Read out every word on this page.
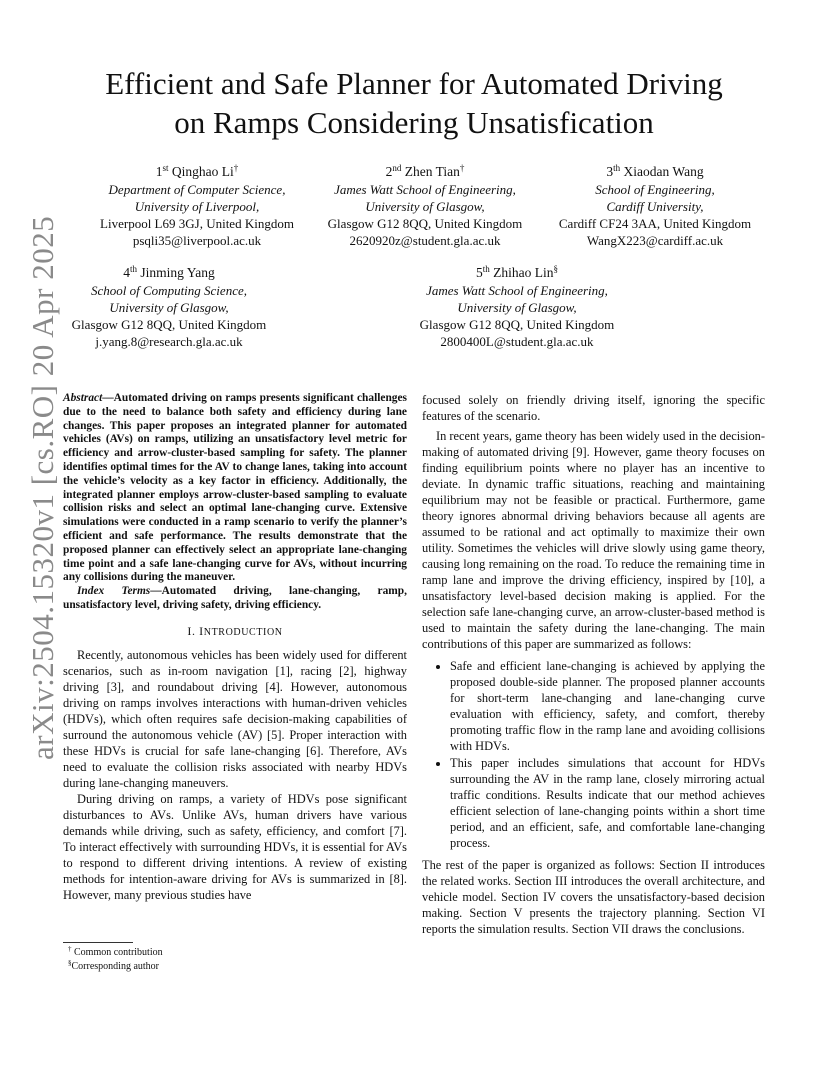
arXiv:2504.15320v1 [cs.RO] 20 Apr 2025
Efficient and Safe Planner for Automated Driving
on Ramps Considering Unsatisfication
1st Qinghao Li†
Department of Computer Science,
University of Liverpool,
Liverpool L69 3GJ, United Kingdom
psqli35@liverpool.ac.uk
2nd Zhen Tian†
James Watt School of Engineering,
University of Glasgow,
Glasgow G12 8QQ, United Kingdom
2620920z@student.gla.ac.uk
3th Xiaodan Wang
School of Engineering,
Cardiff University,
Cardiff CF24 3AA, United Kingdom
WangX223@cardiff.ac.uk
4th Jinming Yang
School of Computing Science,
University of Glasgow,
Glasgow G12 8QQ, United Kingdom
j.yang.8@research.gla.ac.uk
5th Zhihao Lin§
James Watt School of Engineering,
University of Glasgow,
Glasgow G12 8QQ, United Kingdom
2800400L@student.gla.ac.uk

Abstract—Automated driving on ramps presents significant challenges due to the need to balance both safety and efficiency during lane changes. This paper proposes an integrated planner for automated vehicles (AVs) on ramps, utilizing an unsatisfactory level metric for efficiency and arrow-cluster-based sampling for safety. The planner identifies optimal times for the AV to change lanes, taking into account the vehicle’s velocity as a key factor in efficiency. Additionally, the integrated planner employs arrow-cluster-based sampling to evaluate collision risks and select an optimal lane-changing curve. Extensive simulations were conducted in a ramp scenario to verify the planner’s efficient and safe performance. The results demonstrate that the proposed planner can effectively select an appropriate lane-changing time point and a safe lane-changing curve for AVs, without incurring any collisions during the maneuver.

Index Terms—Automated driving, lane-changing, ramp, unsatisfactory level, driving safety, driving efficiency.

I. INTRODUCTION

Recently, autonomous vehicles has been widely used for different scenarios, such as in-room navigation [1], racing [2], highway driving [3], and roundabout driving [4]. However, autonomous driving on ramps involves interactions with human-driven vehicles (HDVs), which often requires safe decision-making capabilities of surround the autonomous vehicle (AV) [5]. Proper interaction with these HDVs is crucial for safe lane-changing [6]. Therefore, AVs need to evaluate the collision risks associated with nearby HDVs during lane-changing maneuvers.

During driving on ramps, a variety of HDVs pose significant disturbances to AVs. Unlike AVs, human drivers have various demands while driving, such as safety, efficiency, and comfort [7]. To interact effectively with surrounding HDVs, it is essential for AVs to respond to different driving intentions. A review of existing methods for intention-aware driving for AVs is summarized in [8]. However, many previous studies have

† Common contribution
§Corresponding author

focused solely on friendly driving itself, ignoring the specific features of the scenario.

In recent years, game theory has been widely used in the decision-making of automated driving [9]. However, game theory focuses on finding equilibrium points where no player has an incentive to deviate. In dynamic traffic situations, reaching and maintaining equilibrium may not be feasible or practical. Furthermore, game theory ignores abnormal driving behaviors because all agents are assumed to be rational and act optimally to maximize their own utility. Sometimes the vehicles will drive slowly using game theory, causing long remaining on the road. To reduce the remaining time in ramp lane and improve the driving efficiency, inspired by [10], a unsatisfactory level-based decision making is applied. For the selection safe lane-changing curve, an arrow-cluster-based method is used to maintain the safety during the lane-changing. The main contributions of this paper are summarized as follows:

• Safe and efficient lane-changing is achieved by applying the proposed double-side planner. The proposed planner accounts for short-term lane-changing and lane-changing curve evaluation with efficiency, safety, and comfort, thereby promoting traffic flow in the ramp lane and avoiding collisions with HDVs.
• This paper includes simulations that account for HDVs surrounding the AV in the ramp lane, closely mirroring actual traffic conditions. Results indicate that our method achieves efficient selection of lane-changing points within a short time period, and an efficient, safe, and comfortable lane-changing process.

The rest of the paper is organized as follows: Section II introduces the related works. Section III introduces the overall architecture, and vehicle model. Section IV covers the unsatisfactory-based decision making. Section V presents the trajectory planning. Section VI reports the simulation results. Section VII draws the conclusions.
